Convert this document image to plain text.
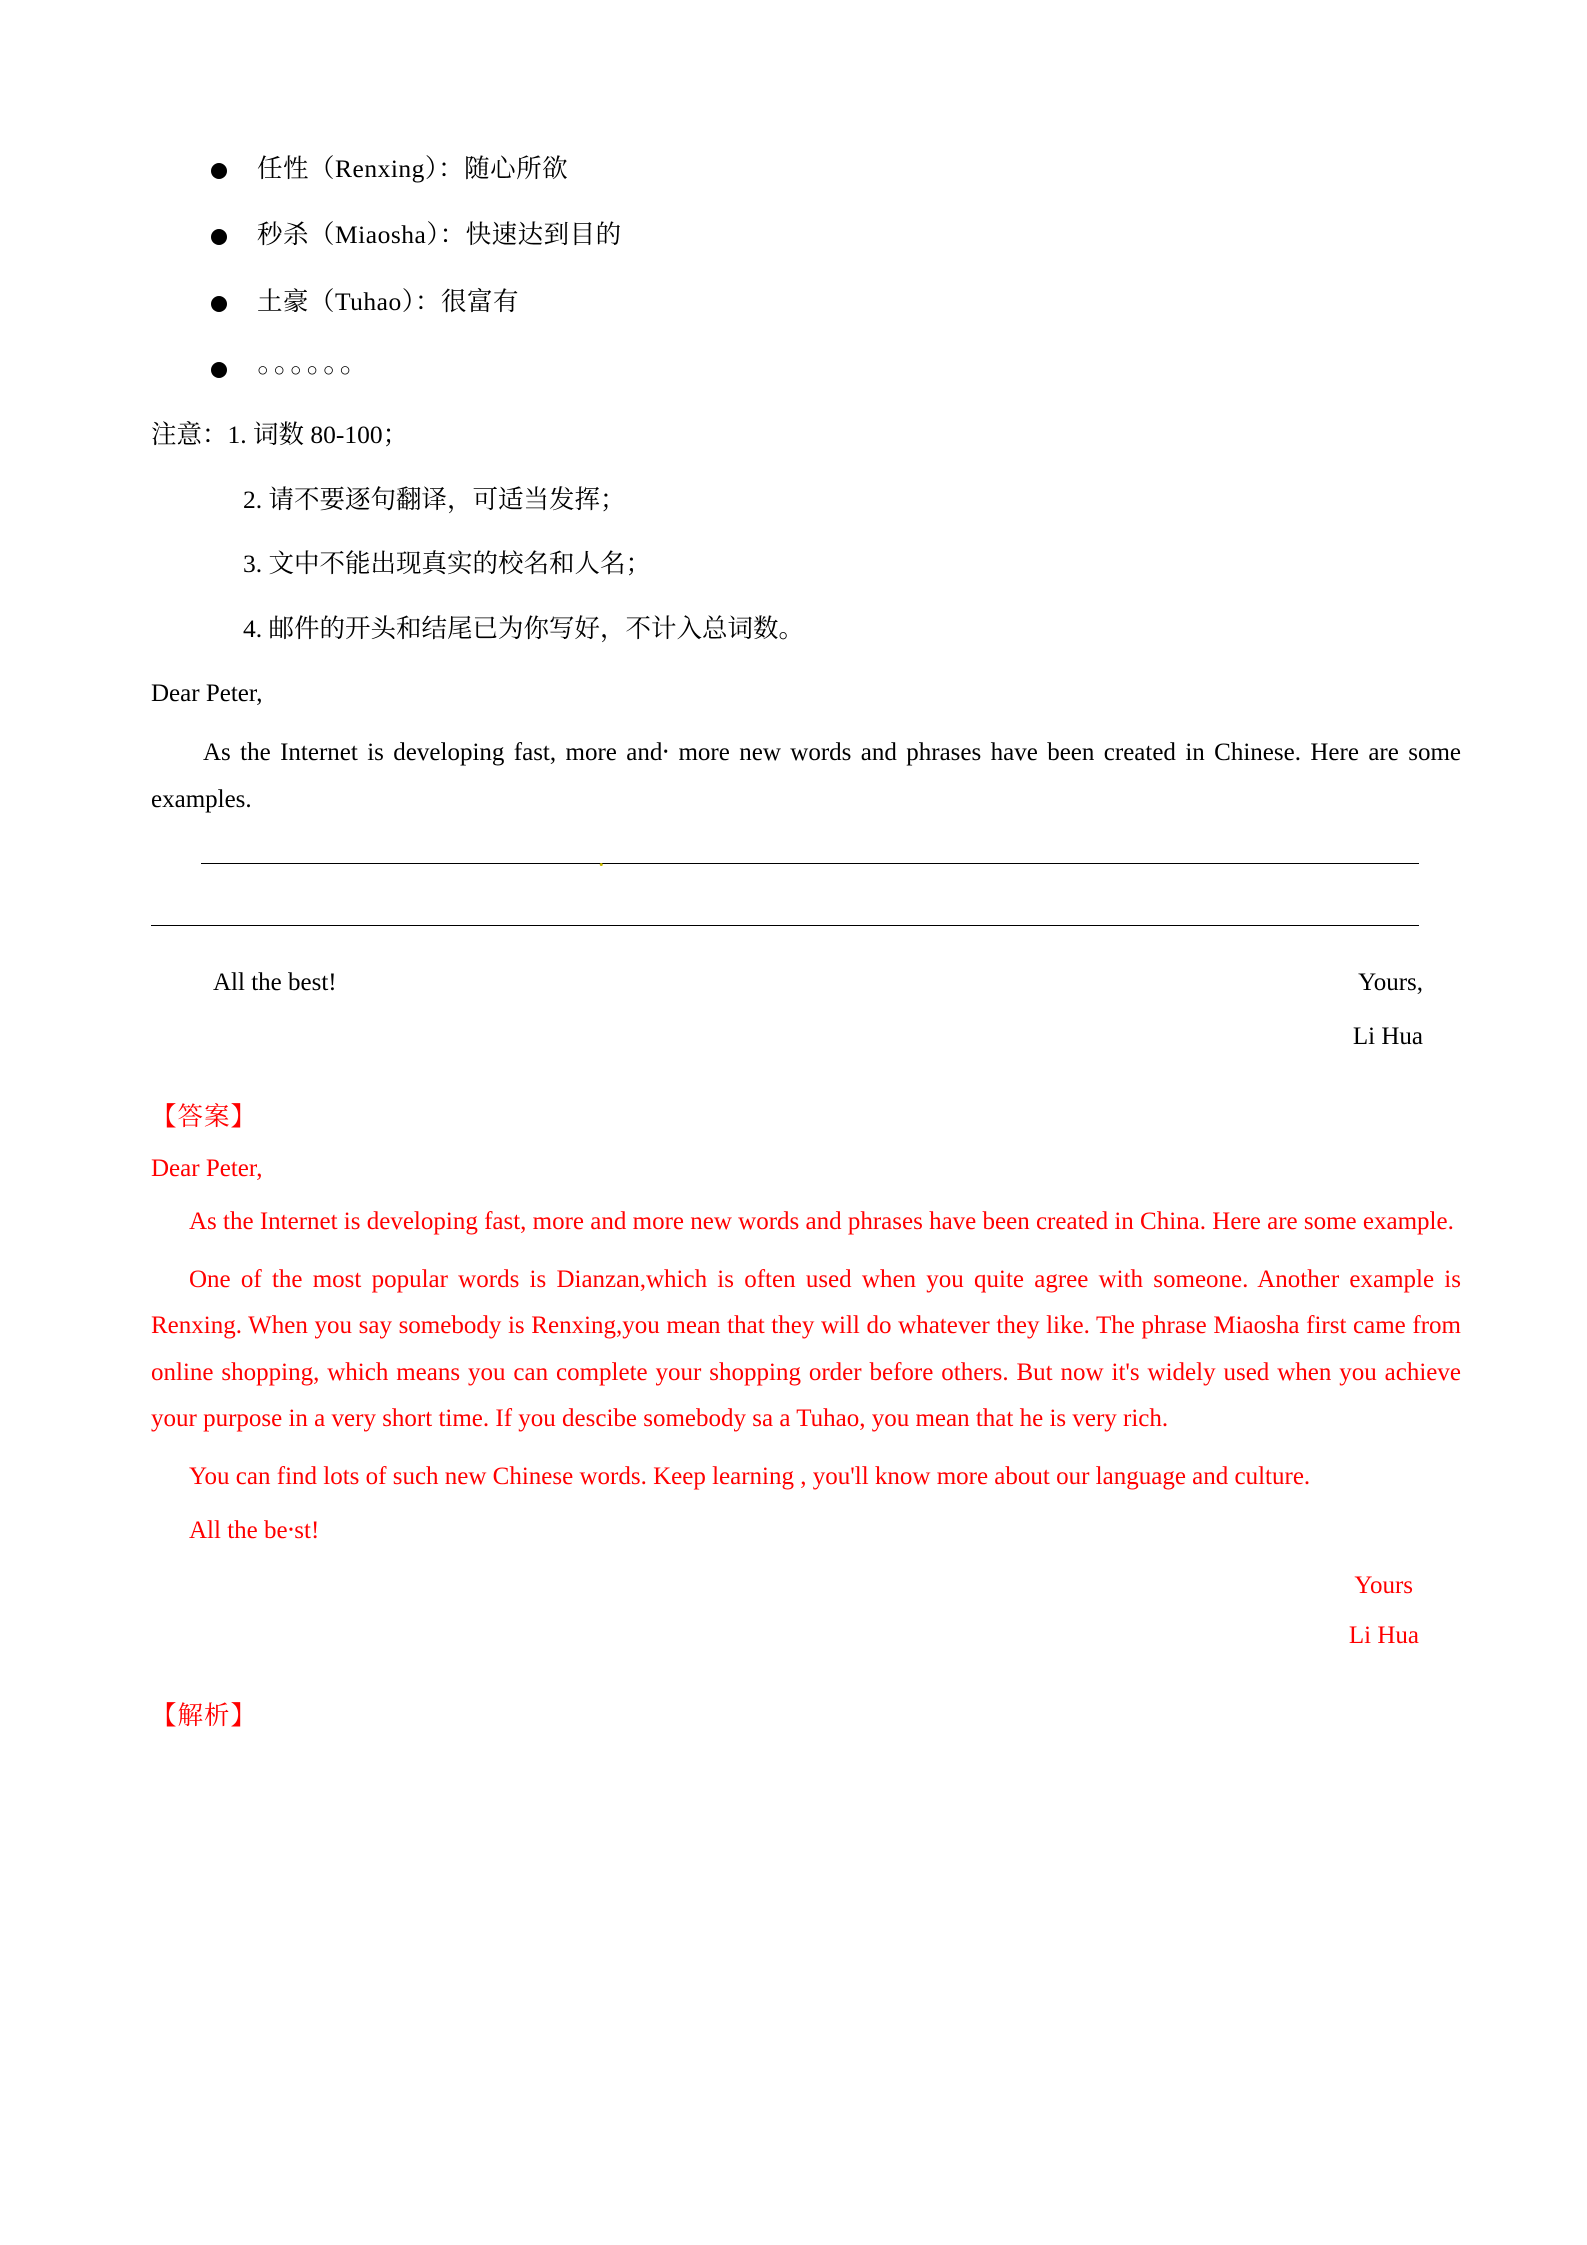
任性（Renxing）：随心所欲
秒杀（Miaosha）：快速达到目的
土豪（Tuhao）：很富有
○○○○○○
注意：1. 词数 80-100；
2. 请不要逐句翻译，可适当发挥；
3. 文中不能出现真实的校名和人名；
4. 邮件的开头和结尾已为你写好，不计入总词数。
Dear Peter,

As the Internet is developing fast, more and⸱ more new words and phrases have been created in Chinese. Here are some examples.

•
All the best!	Yours,
Li Hua
【答案】
Dear Peter,

As the Internet is developing fast, more and more new words and phrases have been created in China. Here are some example.

One of the most popular words is Dianzan,which is often used when you quite agree with someone. Another example is Renxing. When you say somebody is Renxing,you mean that they will do whatever they like. The phrase Miaosha first came from online shopping, which means you can complete your shopping order before others. But now it's widely used when you achieve your purpose in a very short time. If you descibe somebody sa a Tuhao, you mean that he is very rich.

You can find lots of such new Chinese words. Keep learning , you'll know more about our language and culture.

All the be⸱st!
Yours
Li Hua
【解析】
